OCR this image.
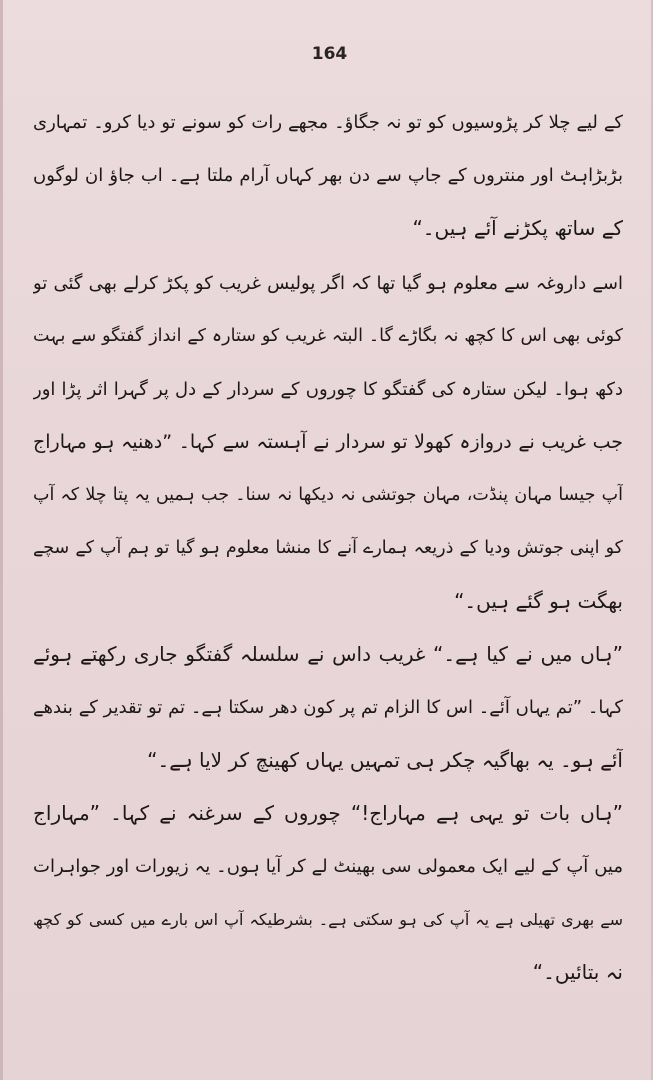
164
کے لیے چلا کر پڑوسیوں کو تو نہ جگاؤ۔ مجھے رات کو سونے تو دیا کرو۔ تمہاری
بڑبڑاہٹ اور منتروں کے جاپ سے دن بھر کہاں آرام ملتا ہے۔ اب جاؤ ان لوگوں
کے ساتھ پکڑنے آئے ہیں۔“
اسے داروغہ سے معلوم ہو گیا تھا کہ اگر پولیس غریب کو پکڑ کرلے بھی گئی تو
کوئی بھی اس کا کچھ نہ بگاڑے گا۔ البتہ غریب کو ستارہ کے انداز گفتگو سے بہت
دکھ ہوا۔ لیکن ستارہ کی گفتگو کا چوروں کے سردار کے دل پر گہرا اثر پڑا اور
جب غریب نے دروازہ کھولا تو سردار نے آہستہ سے کہا۔ ”دھنیہ ہو مہاراج
آپ جیسا مہان پنڈت، مہان جوتشی نہ دیکھا نہ سنا۔ جب ہمیں یہ پتا چلا کہ آپ
کو اپنی جوتش ودیا کے ذریعہ ہمارے آنے کا منشا معلوم ہو گیا تو ہم آپ کے سچے
بھگت ہو گئے ہیں۔“
”ہاں میں نے کیا ہے۔“ غریب داس نے سلسلہ گفتگو جاری رکھتے ہوئے
کہا۔ ”تم یہاں آئے۔ اس کا الزام تم پر کون دھر سکتا ہے۔ تم تو تقدیر کے بندھے
آئے ہو۔ یہ بھاگیہ چکر ہی تمہیں یہاں کھینچ کر لایا ہے۔“
”ہاں بات تو یہی ہے مہاراج!“ چوروں کے سرغنہ نے کہا۔ ”مہاراج
میں آپ کے لیے ایک معمولی سی بھینٹ لے کر آیا ہوں۔ یہ زیورات اور جواہرات
سے بھری تھیلی ہے یہ آپ کی ہو سکتی ہے۔ بشرطیکہ آپ اس بارے میں کسی کو کچھ
نہ بتائیں۔“
